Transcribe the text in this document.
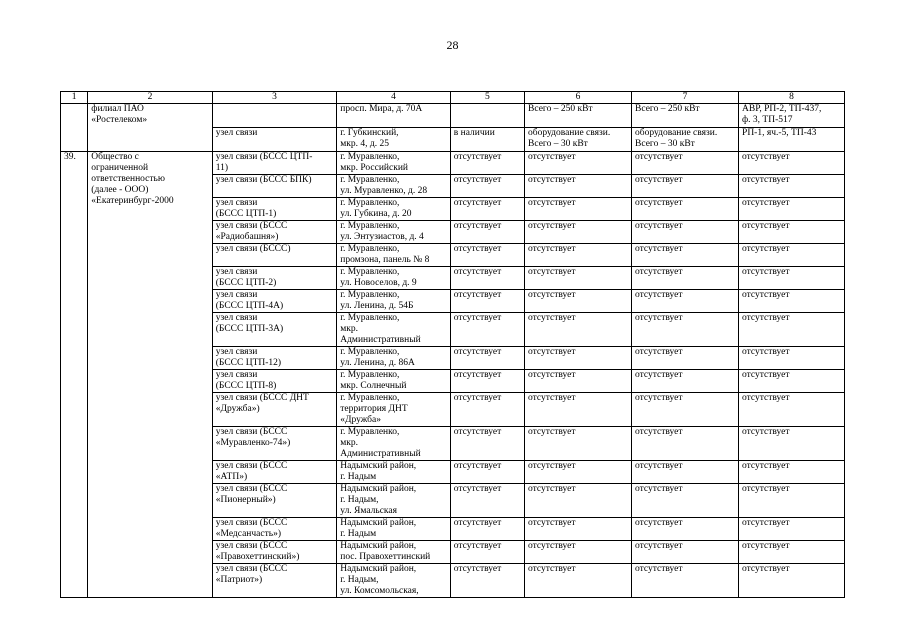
28
1	2	3	4	5	6	7	8

	филиал ПАО
«Ростелеком»		просп. Мира, д. 70А		Всего – 250 кВт	Всего – 250 кВт	АВР, РП-2, ТП-437,
ф. 3, ТП-517

		узел связи	г. Губкинский,
мкр. 4, д. 25	в наличии	оборудование связи.
Всего – 30 кВт	оборудование связи.
Всего – 30 кВт	РП-1, яч.-5, ТП-43

39.	Общество с
ограниченной
ответственностью
(далее - ООО)
«Екатеринбург-2000	узел связи (БССС ЦТП-
11)	г. Муравленко,
мкр. Российский	отсутствует	отсутствует	отсутствует	отсутствует

		узел связи (БССС БПК)	г. Муравленко,
ул. Муравленко, д. 28	отсутствует	отсутствует	отсутствует	отсутствует

		узел связи
(БССС ЦТП-1)	г. Муравленко,
ул. Губкина, д. 20	отсутствует	отсутствует	отсутствует	отсутствует

		узел связи (БССС
«Радиобашня»)	г. Муравленко,
ул. Энтузиастов, д. 4	отсутствует	отсутствует	отсутствует	отсутствует

		узел связи (БССС)	г. Муравленко,
промзона, панель № 8	отсутствует	отсутствует	отсутствует	отсутствует

		узел связи
(БССС ЦТП-2)	г. Муравленко,
ул. Новоселов, д. 9	отсутствует	отсутствует	отсутствует	отсутствует

		узел связи
(БССС ЦТП-4А)	г. Муравленко,
ул. Ленина, д. 54Б	отсутствует	отсутствует	отсутствует	отсутствует

		узел связи
(БССС ЦТП-3А)	г. Муравленко,
мкр.
Административный	отсутствует	отсутствует	отсутствует	отсутствует

		узел связи
(БССС ЦТП-12)	г. Муравленко,
ул. Ленина, д. 86А	отсутствует	отсутствует	отсутствует	отсутствует

		узел связи
(БССС ЦТП-8)	г. Муравленко,
мкр. Солнечный	отсутствует	отсутствует	отсутствует	отсутствует

		узел связи (БССС ДНТ
«Дружба»)	г. Муравленко,
территория ДНТ
«Дружба»	отсутствует	отсутствует	отсутствует	отсутствует

		узел связи (БССС
«Муравленко-74»)	г. Муравленко,
мкр.
Административный	отсутствует	отсутствует	отсутствует	отсутствует

		узел связи (БССС
«АТП»)	Надымский район,
г. Надым	отсутствует	отсутствует	отсутствует	отсутствует

		узел связи (БССС
«Пионерный»)	Надымский район,
г. Надым,
ул. Ямальская	отсутствует	отсутствует	отсутствует	отсутствует

		узел связи (БССС
«Медсанчасть»)	Надымский район,
г. Надым	отсутствует	отсутствует	отсутствует	отсутствует

		узел связи (БССС
«Правохеттинский»)	Надымский район,
пос. Правохеттинский	отсутствует	отсутствует	отсутствует	отсутствует

		узел связи (БССС
«Патриот»)	Надымский район,
г. Надым,
ул. Комсомольская,	отсутствует	отсутствует	отсутствует	отсутствует
